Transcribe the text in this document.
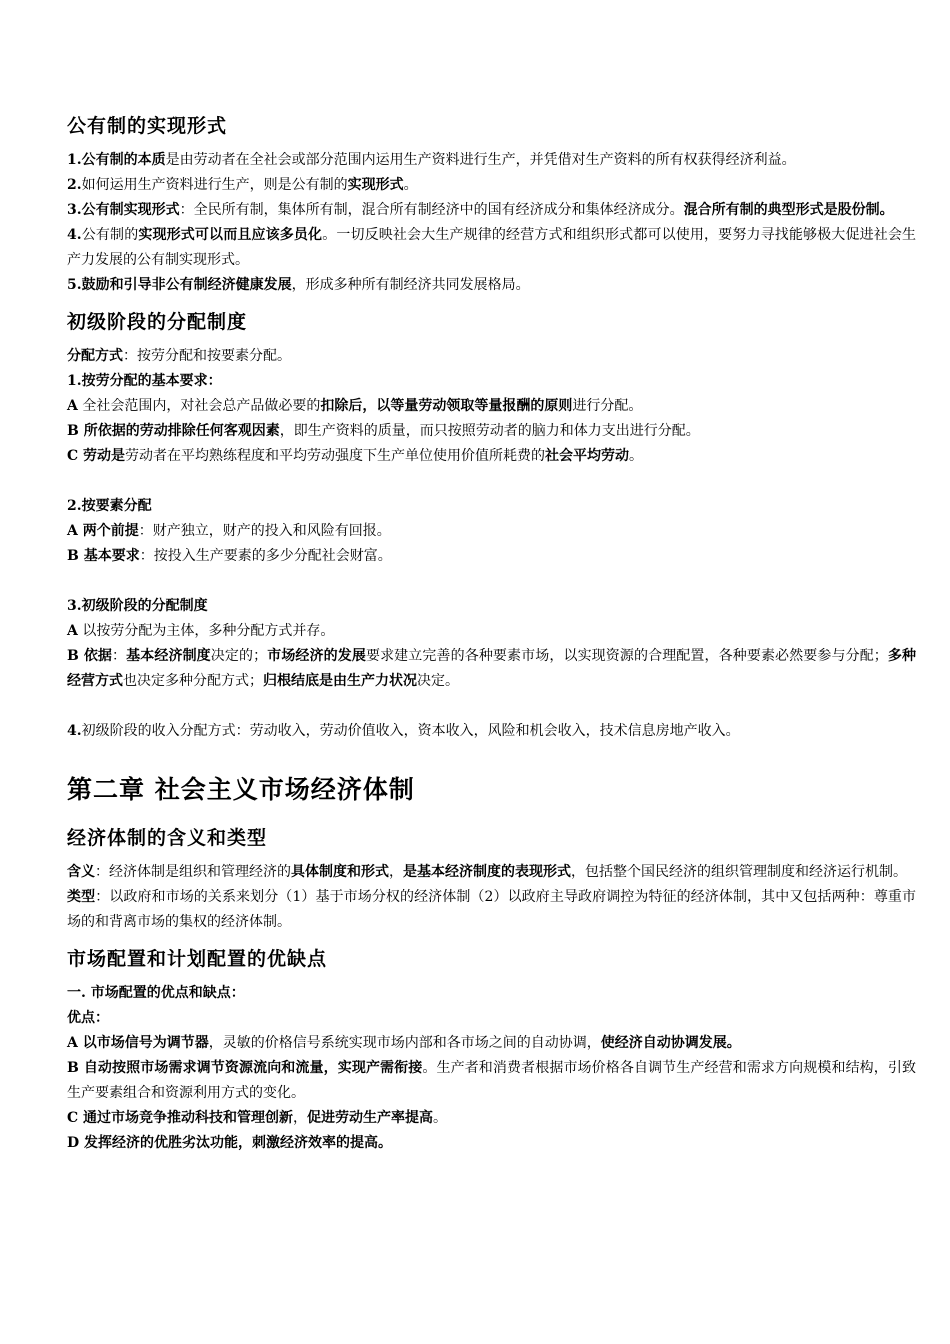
公有制的实现形式

1.公有制的本质是由劳动者在全社会或部分范围内运用生产资料进行生产，并凭借对生产资料的所有权获得经济利益。

2.如何运用生产资料进行生产，则是公有制的实现形式。

3.公有制实现形式：全民所有制，集体所有制，混合所有制经济中的国有经济成分和集体经济成分。混合所有制的典型形式是股份制。

4.公有制的实现形式可以而且应该多员化。一切反映社会大生产规律的经营方式和组织形式都可以使用，要努力寻找能够极大促进社会生产力发展的公有制实现形式。

5.鼓励和引导非公有制经济健康发展，形成多种所有制经济共同发展格局。

初级阶段的分配制度

分配方式：按劳分配和按要素分配。

1.按劳分配的基本要求：

A 全社会范围内，对社会总产品做必要的扣除后，以等量劳动领取等量报酬的原则进行分配。

B 所依据的劳动排除任何客观因素，即生产资料的质量，而只按照劳动者的脑力和体力支出进行分配。

C 劳动是劳动者在平均熟练程度和平均劳动强度下生产单位使用价值所耗费的社会平均劳动。

2.按要素分配

A 两个前提：财产独立，财产的投入和风险有回报。

B 基本要求：按投入生产要素的多少分配社会财富。

3.初级阶段的分配制度

A 以按劳分配为主体，多种分配方式并存。

B 依据：基本经济制度决定的；市场经济的发展要求建立完善的各种要素市场，以实现资源的合理配置，各种要素必然要参与分配；多种经营方式也决定多种分配方式；归根结底是由生产力状况决定。

4.初级阶段的收入分配方式：劳动收入，劳动价值收入，资本收入，风险和机会收入，技术信息房地产收入。

第二章 社会主义市场经济体制
经济体制的含义和类型

含义：经济体制是组织和管理经济的具体制度和形式，是基本经济制度的表现形式，包括整个国民经济的组织管理制度和经济运行机制。

类型：以政府和市场的关系来划分（1）基于市场分权的经济体制（2）以政府主导政府调控为特征的经济体制，其中又包括两种：尊重市场的和背离市场的集权的经济体制。

市场配置和计划配置的优缺点

一. 市场配置的优点和缺点：

优点：

A 以市场信号为调节器，灵敏的价格信号系统实现市场内部和各市场之间的自动协调，使经济自动协调发展。

B 自动按照市场需求调节资源流向和流量，实现产需衔接。生产者和消费者根据市场价格各自调节生产经营和需求方向规模和结构，引致生产要素组合和资源利用方式的变化。

C 通过市场竞争推动科技和管理创新，促进劳动生产率提高。

D 发挥经济的优胜劣汰功能，刺激经济效率的提高。
